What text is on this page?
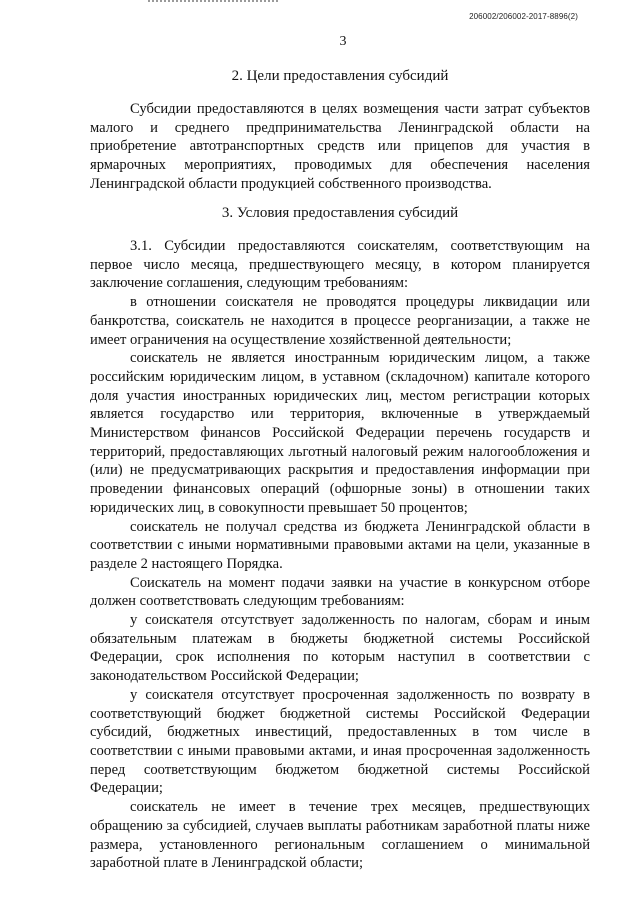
206002/206002-2017-8896(2)
3
2. Цели предоставления субсидий

Субсидии предоставляются в целях возмещения части затрат субъектов малого и среднего предпринимательства Ленинградской области на приобретение автотранспортных средств или прицепов для участия в ярмарочных мероприятиях, проводимых для обеспечения населения Ленинградской области продукцией собственного производства.

3. Условия предоставления субсидий

3.1. Субсидии предоставляются соискателям, соответствующим на первое число месяца, предшествующего месяцу, в котором планируется заключение соглашения, следующим требованиям:

в отношении соискателя не проводятся процедуры ликвидации или банкротства, соискатель не находится в процессе реорганизации, а также не имеет ограничения на осуществление хозяйственной деятельности;

соискатель не является иностранным юридическим лицом, а также российским юридическим лицом, в уставном (складочном) капитале которого доля участия иностранных юридических лиц, местом регистрации которых является государство или территория, включенные в утверждаемый Министерством финансов Российской Федерации перечень государств и территорий, предоставляющих льготный налоговый режим налогообложения и (или) не предусматривающих раскрытия и предоставления информации при проведении финансовых операций (офшорные зоны) в отношении таких юридических лиц, в совокупности превышает 50 процентов;

соискатель не получал средства из бюджета Ленинградской области в соответствии с иными нормативными правовыми актами на цели, указанные в разделе 2 настоящего Порядка.

Соискатель на момент подачи заявки на участие в конкурсном отборе должен соответствовать следующим требованиям:

у соискателя отсутствует задолженность по налогам, сборам и иным обязательным платежам в бюджеты бюджетной системы Российской Федерации, срок исполнения по которым наступил в соответствии с законодательством Российской Федерации;

у соискателя отсутствует просроченная задолженность по возврату в соответствующий бюджет бюджетной системы Российской Федерации субсидий, бюджетных инвестиций, предоставленных в том числе в соответствии с иными правовыми актами, и иная просроченная задолженность перед соответствующим бюджетом бюджетной системы Российской Федерации;

соискатель не имеет в течение трех месяцев, предшествующих обращению за субсидией, случаев выплаты работникам заработной платы ниже размера, установленного региональным соглашением о минимальной заработной плате в Ленинградской области;
